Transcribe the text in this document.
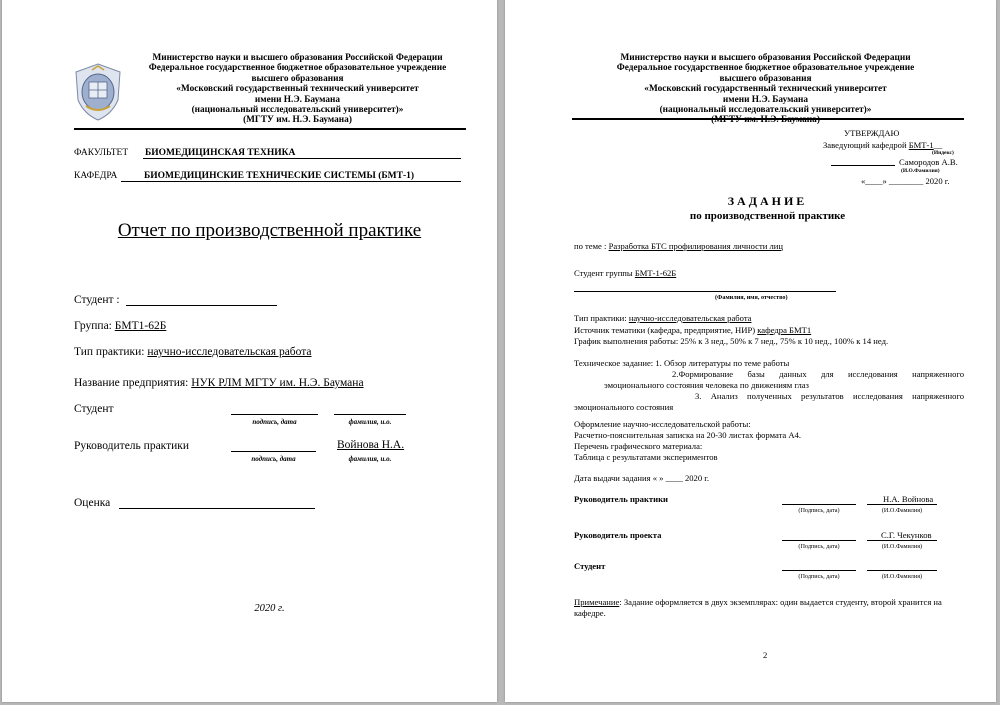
Министерство науки и высшего образования Российской Федерации
Федеральное государственное бюджетное образовательное учреждение
высшего образования
«Московский государственный технический университет
имени Н.Э. Баумана
(национальный исследовательский университет)»
(МГТУ им. Н.Э. Баумана)
ФАКУЛЬТЕТ БИОМЕДИЦИНСКАЯ ТЕХНИКА
КАФЕДРА	БИОМЕДИЦИНСКИЕ ТЕХНИЧЕСКИЕ СИСТЕМЫ (БМТ-1)
Отчет по производственной практике
Студент :
Группа: БМТ1-62Б
Тип практики: научно-исследовательская работа
Название предприятия: НУК РЛМ МГТУ им. Н.Э. Баумана
Студент
подпись, дата	фамилия, и.о.
Руководитель практики	Войнова Н.А.
подпись, дата	фамилия, и.о.
Оценка
2020 г.
Министерство науки и высшего образования Российской Федерации
Федеральное государственное бюджетное образовательное учреждение
высшего образования
«Московский государственный технический университет
имени Н.Э. Баумана
(национальный исследовательский университет)»
(МГТУ им. Н.Э. Баумана)
УТВЕРЖДАЮ
Заведующий кафедрой БМТ-1__
(Индекс)
Самородов А.В.
(И.О.Фамилия)
«____» ________ 2020 г.
ЗАДАНИЕ
по производственной практике
по теме : Разработка БТС профилирования личности лиц
Студент группы БМТ-1-62Б
(Фамилия, имя, отчество)
Тип практики: научно-исследовательская работа
Источник тематики (кафедра, предприятие, НИР) кафедра БМТ1
График выполнения работы: 25% к 3 нед., 50% к 7 нед., 75% к 10 нед., 100% к 14 нед.
Техническое задание: 1. Обзор литературы по теме работы
2.Формирование базы данных для исследования напряженного
эмоционального состояния человека по движениям глаз
3. Анализ полученных результатов исследования напряженного
эмоционального состояния
Оформление научно-исследовательской работы:
Расчетно-пояснительная записка на 20-30 листах формата А4.
Перечень графического материала:
Таблица с результатами экспериментов
Дата выдачи задания « » ____ 2020 г.
Руководитель практики	Н.А. Войнова
(Подпись, дата)	(И.О.Фамилия)
Руководитель проекта	С.Г. Чекунков
(Подпись, дата)	(И.О.Фамилия)
Студент
(Подпись, дата)	(И.О.Фамилия)
Примечание: Задание оформляется в двух экземплярах: один выдается студенту, второй хранится на кафедре.
2
